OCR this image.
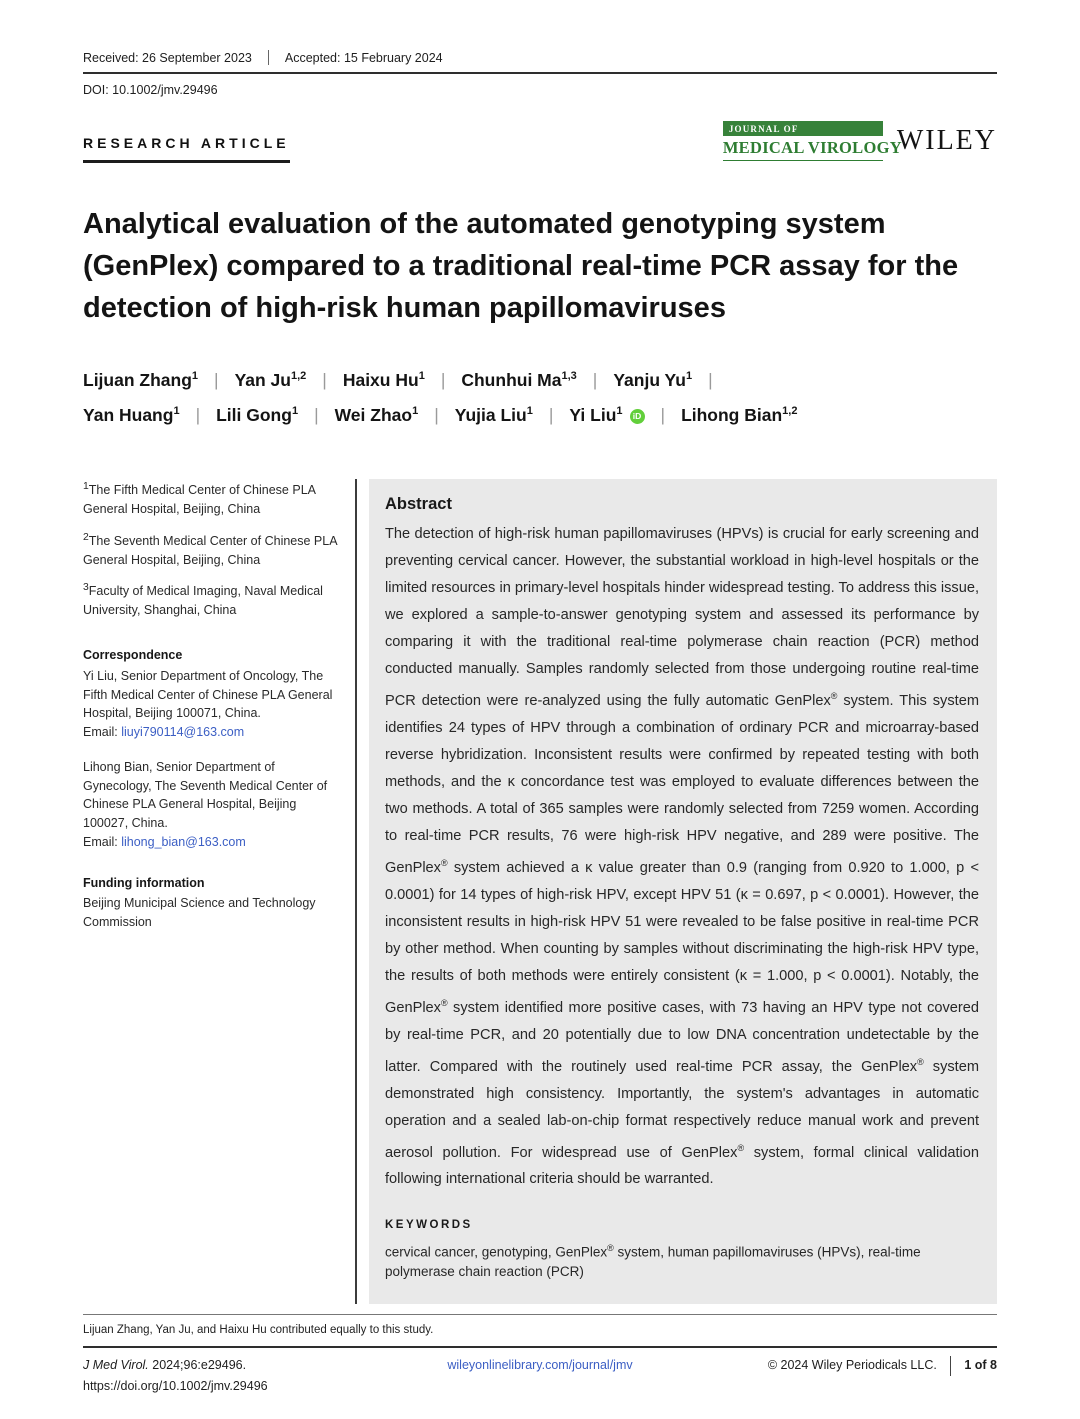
Received: 26 September 2023	Accepted: 15 February 2024
DOI: 10.1002/jmv.29496
RESEARCH ARTICLE
JOURNAL OF
MEDICAL VIROLOGY
WILEY
Analytical evaluation of the automated genotyping system (GenPlex) compared to a traditional real-time PCR assay for the detection of high-risk human papillomaviruses
Lijuan Zhang$^1$ | Yan Ju$^{1,2}$ | Haixu Hu$^1$ | Chunhui Ma$^{1,3}$ | Yanju Yu$^1$ |
Yan Huang$^1$ | Lili Gong$^1$ | Wei Zhao$^1$ | Yujia Liu$^1$ | Yi Liu$^1$ iD | Lihong Bian$^{1,2}$
$^1$The Fifth Medical Center of Chinese PLA General Hospital, Beijing, China
$^2$The Seventh Medical Center of Chinese PLA General Hospital, Beijing, China
$^3$Faculty of Medical Imaging, Naval Medical University, Shanghai, China
Correspondence
Yi Liu, Senior Department of Oncology, The Fifth Medical Center of Chinese PLA General Hospital, Beijing 100071, China.
Email: liuyi790114@163.com
Lihong Bian, Senior Department of Gynecology, The Seventh Medical Center of Chinese PLA General Hospital, Beijing 100027, China.
Email: lihong_bian@163.com
Funding information
Beijing Municipal Science and Technology Commission
Abstract
The detection of high-risk human papillomaviruses (HPVs) is crucial for early screening and preventing cervical cancer. However, the substantial workload in high-level hospitals or the limited resources in primary-level hospitals hinder widespread testing. To address this issue, we explored a sample-to-answer genotyping system and assessed its performance by comparing it with the traditional real-time polymerase chain reaction (PCR) method conducted manually. Samples randomly selected from those undergoing routine real-time PCR detection were re-analyzed using the fully automatic GenPlex® system. This system identifies 24 types of HPV through a combination of ordinary PCR and microarray-based reverse hybridization. Inconsistent results were confirmed by repeated testing with both methods, and the κ concordance test was employed to evaluate differences between the two methods. A total of 365 samples were randomly selected from 7259 women. According to real-time PCR results, 76 were high-risk HPV negative, and 289 were positive. The GenPlex® system achieved a κ value greater than 0.9 (ranging from 0.920 to 1.000, p < 0.0001) for 14 types of high-risk HPV, except HPV 51 (κ = 0.697, p < 0.0001). However, the inconsistent results in high-risk HPV 51 were revealed to be false positive in real-time PCR by other method. When counting by samples without discriminating the high-risk HPV type, the results of both methods were entirely consistent (κ = 1.000, p < 0.0001). Notably, the GenPlex® system identified more positive cases, with 73 having an HPV type not covered by real-time PCR, and 20 potentially due to low DNA concentration undetectable by the latter. Compared with the routinely used real-time PCR assay, the GenPlex® system demonstrated high consistency. Importantly, the system's advantages in automatic operation and a sealed lab-on-chip format respectively reduce manual work and prevent aerosol pollution. For widespread use of GenPlex® system, formal clinical validation following international criteria should be warranted.
KEYWORDS
cervical cancer, genotyping, GenPlex® system, human papillomaviruses (HPVs), real-time polymerase chain reaction (PCR)
Lijuan Zhang, Yan Ju, and Haixu Hu contributed equally to this study.
J Med Virol. 2024;96:e29496.
https://doi.org/10.1002/jmv.29496
wileyonlinelibrary.com/journal/jmv	© 2024 Wiley Periodicals LLC. 1 of 8
